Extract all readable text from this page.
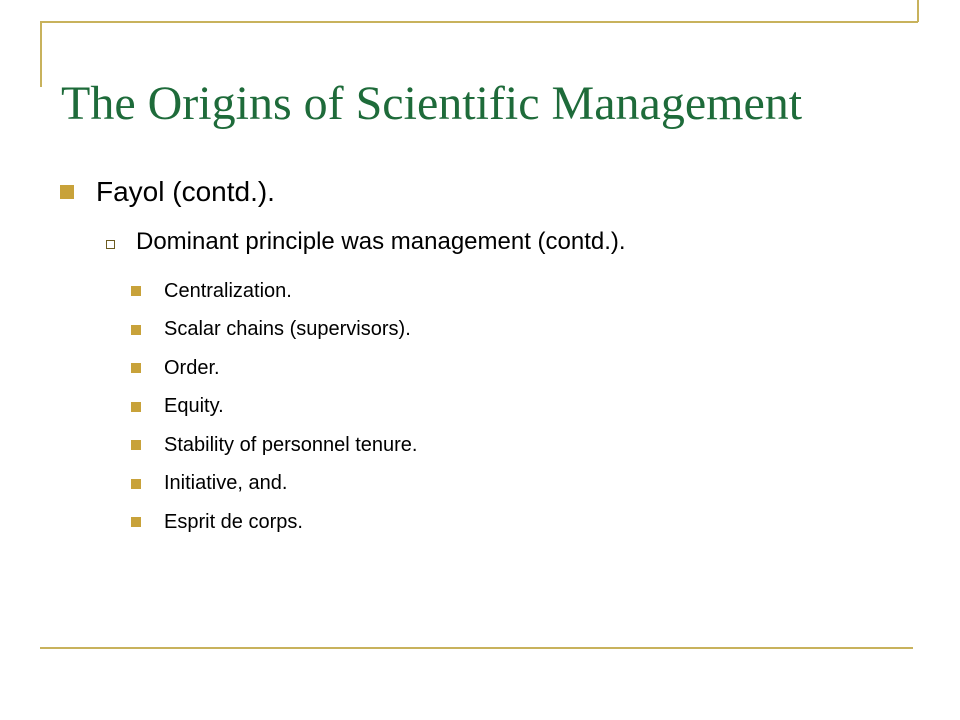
The Origins of Scientific Management
Fayol (contd.).
Dominant principle was management (contd.).
Centralization.
Scalar chains (supervisors).
Order.
Equity.
Stability of personnel tenure.
Initiative, and.
Esprit de corps.
